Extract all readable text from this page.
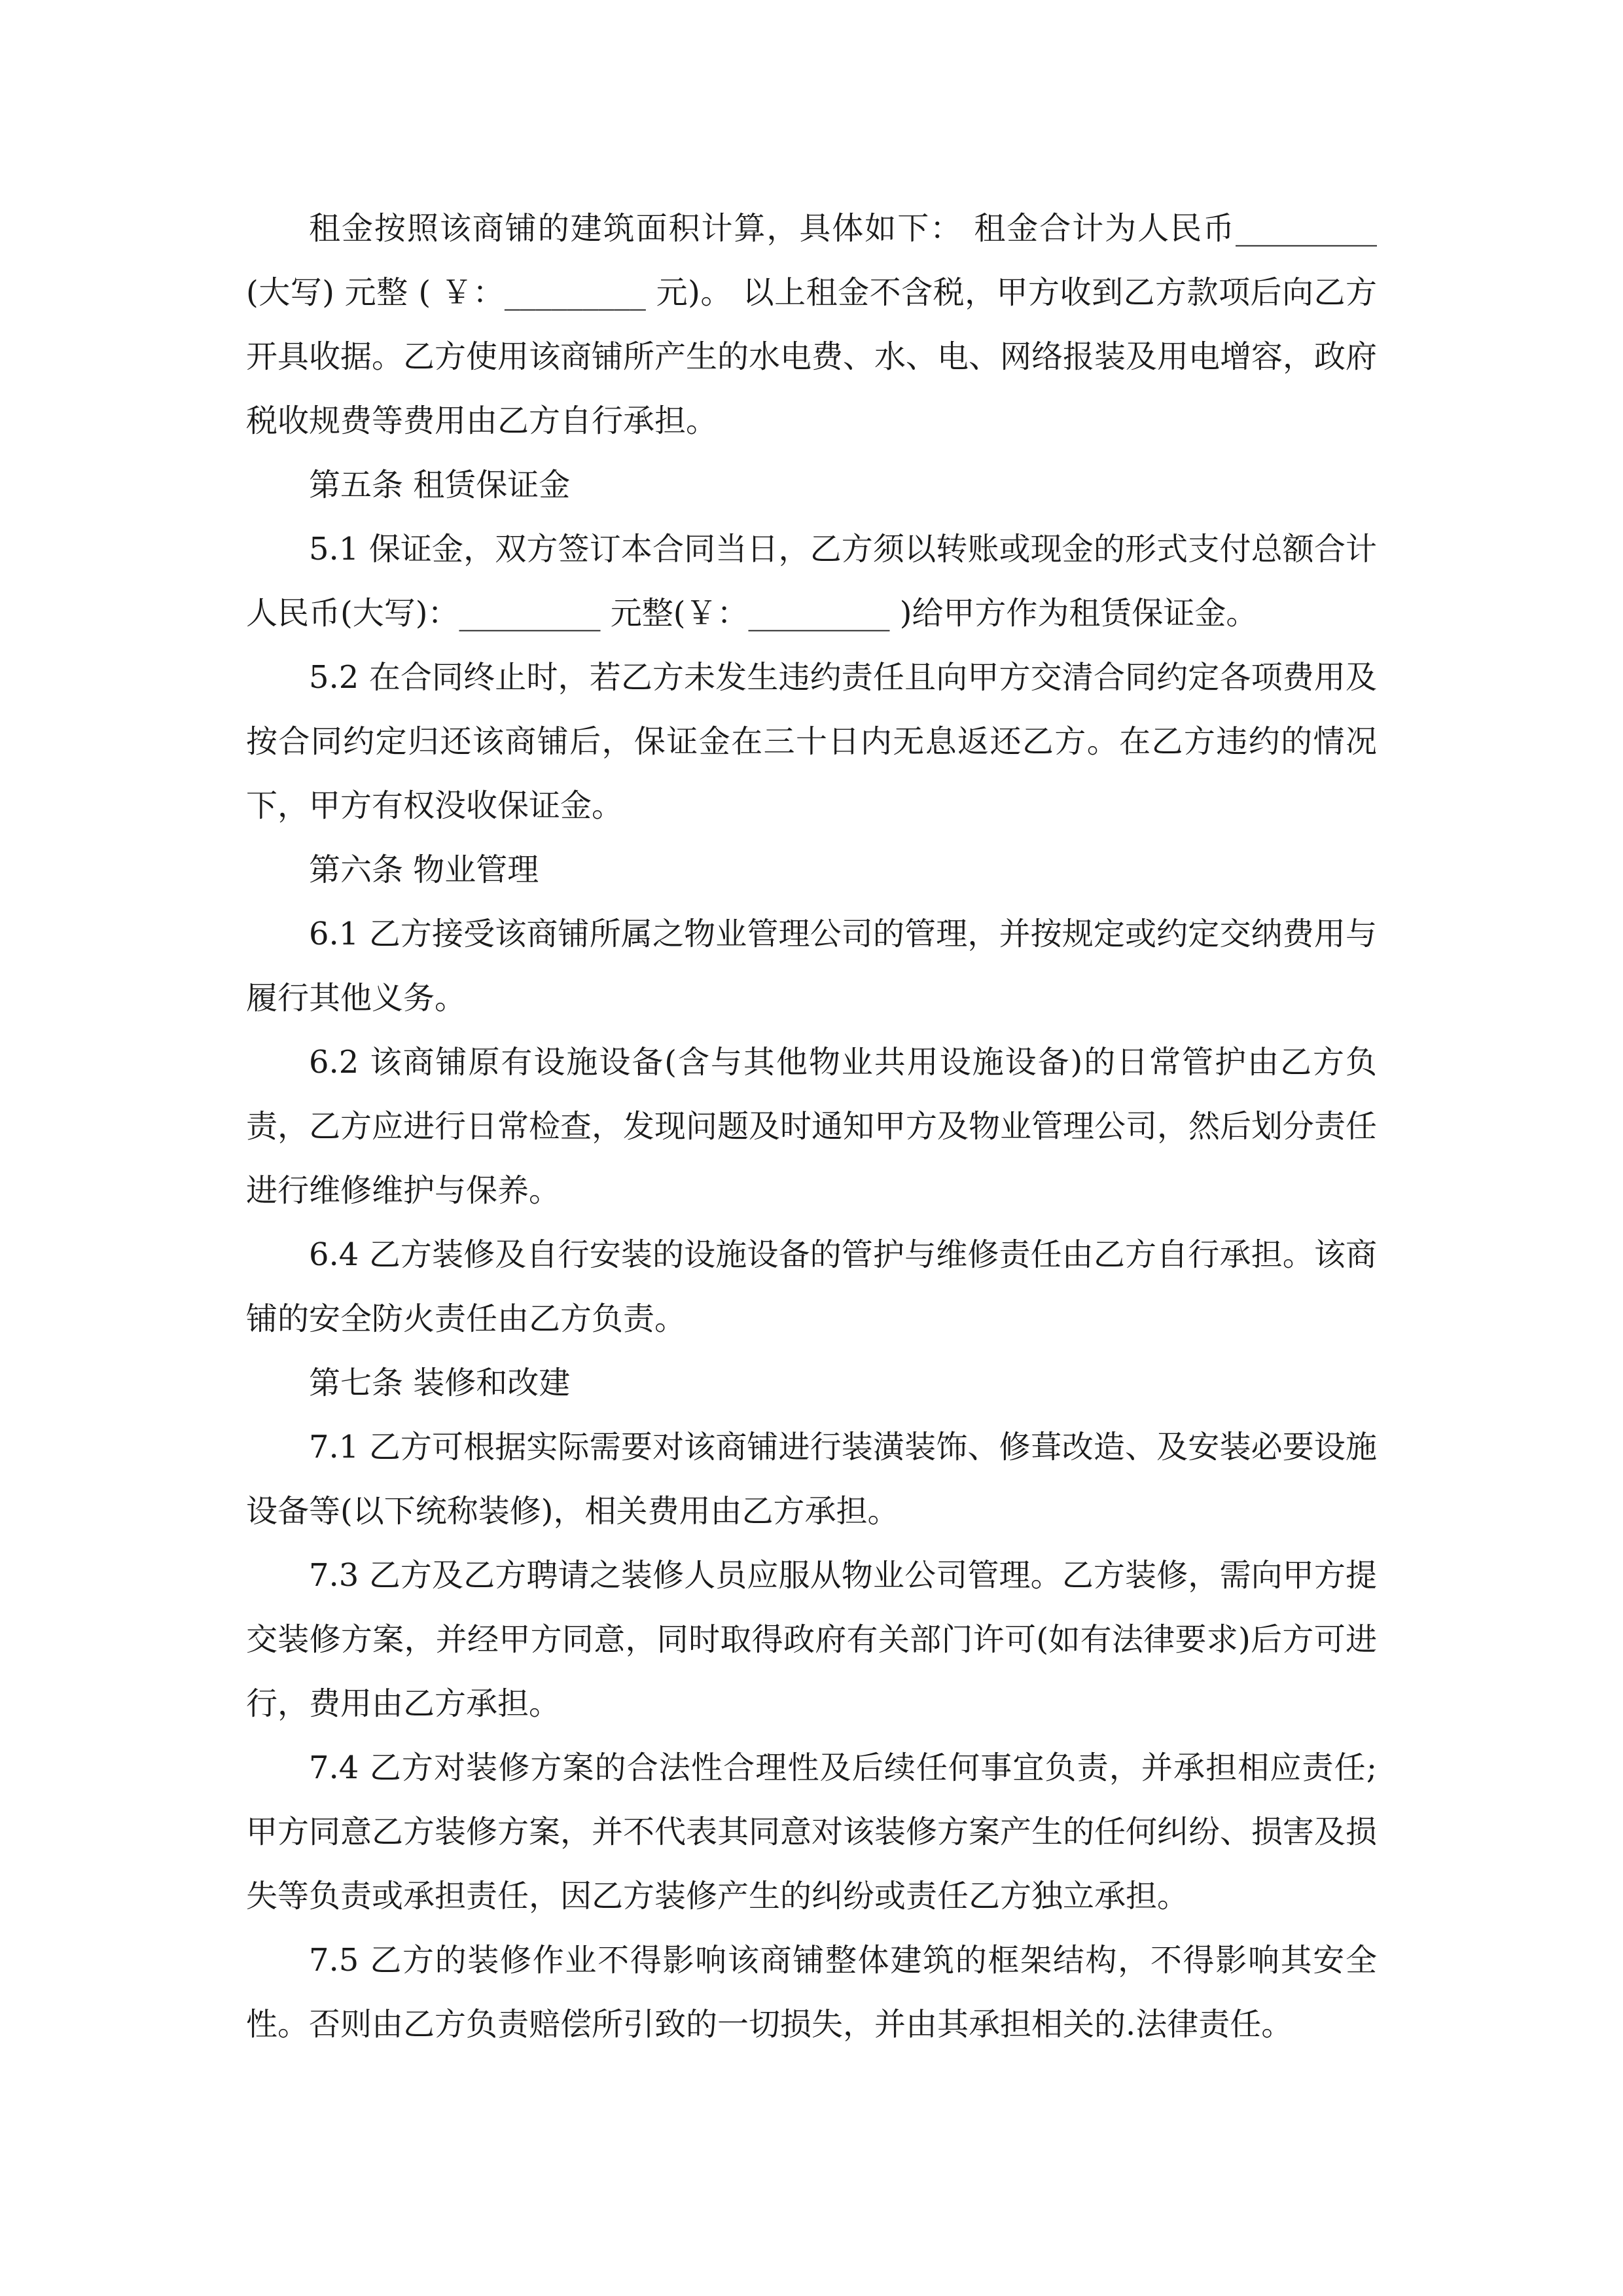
租金按照该商铺的建筑面积计算，具体如下： 租金合计为人民币_________(大写) 元整 ( ￥：_________ 元)。 以上租金不含税，甲方收到乙方款项后向乙方开具收据。乙方使用该商铺所产生的水电费、水、电、网络报装及用电增容，政府税收规费等费用由乙方自行承担。

第五条 租赁保证金

5.1 保证金，双方签订本合同当日，乙方须以转账或现金的形式支付总额合计人民币(大写)：_________ 元整(￥：_________ )给甲方作为租赁保证金。

5.2 在合同终止时，若乙方未发生违约责任且向甲方交清合同约定各项费用及按合同约定归还该商铺后，保证金在三十日内无息返还乙方。在乙方违约的情况下，甲方有权没收保证金。

第六条 物业管理

6.1 乙方接受该商铺所属之物业管理公司的管理，并按规定或约定交纳费用与履行其他义务。

6.2 该商铺原有设施设备(含与其他物业共用设施设备)的日常管护由乙方负责，乙方应进行日常检查，发现问题及时通知甲方及物业管理公司，然后划分责任进行维修维护与保养。

6.4 乙方装修及自行安装的设施设备的管护与维修责任由乙方自行承担。该商铺的安全防火责任由乙方负责。

第七条 装修和改建

7.1 乙方可根据实际需要对该商铺进行装潢装饰、修葺改造、及安装必要设施设备等(以下统称装修)，相关费用由乙方承担。

7.3 乙方及乙方聘请之装修人员应服从物业公司管理。乙方装修，需向甲方提交装修方案，并经甲方同意，同时取得政府有关部门许可(如有法律要求)后方可进行，费用由乙方承担。

7.4 乙方对装修方案的合法性合理性及后续任何事宜负责，并承担相应责任;甲方同意乙方装修方案，并不代表其同意对该装修方案产生的任何纠纷、损害及损失等负责或承担责任，因乙方装修产生的纠纷或责任乙方独立承担。

7.5 乙方的装修作业不得影响该商铺整体建筑的框架结构，不得影响其安全性。否则由乙方负责赔偿所引致的一切损失，并由其承担相关的.法律责任。
